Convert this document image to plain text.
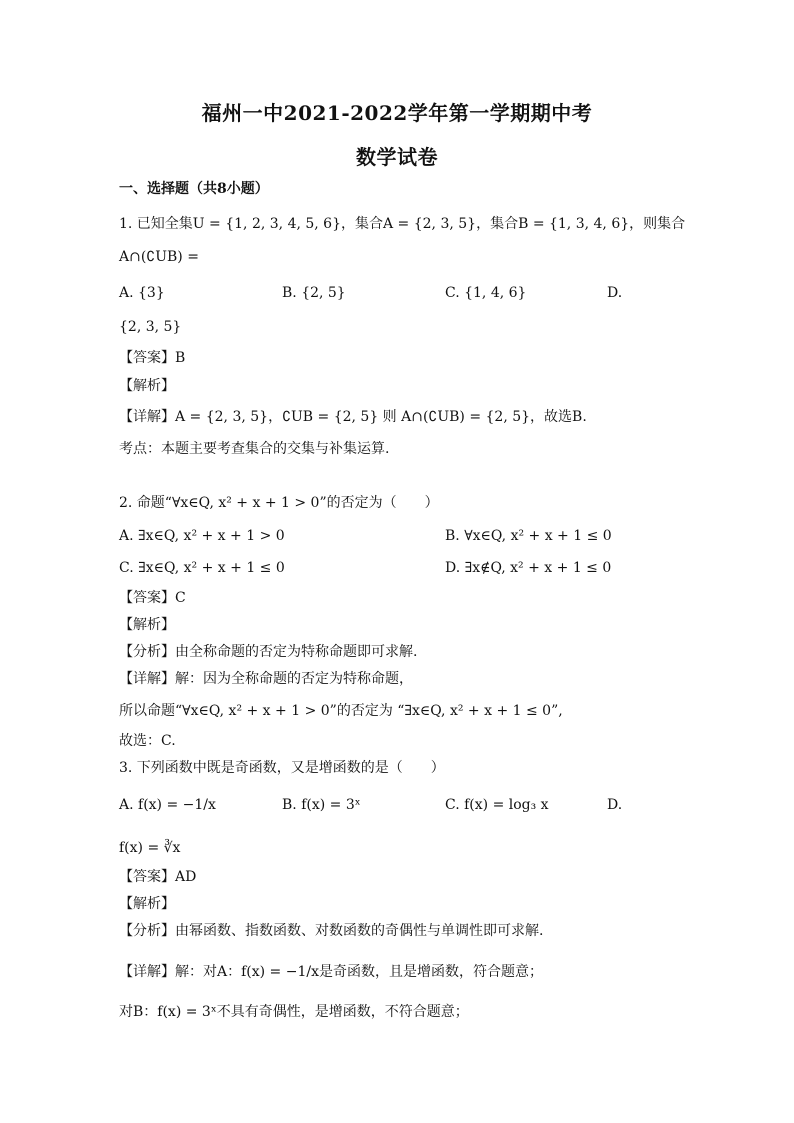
福州一中2021-2022学年第一学期期中考
数学试卷
一、选择题（共8小题）
1. 已知全集U = {1, 2, 3, 4, 5, 6}，集合A = {2, 3, 5}，集合B = {1, 3, 4, 6}，则集合
A∩(∁UB) =
A. {3}	B. {2, 5}	C. {1, 4, 6}	D.
{2, 3, 5}
【答案】B
【解析】
【详解】A = {2, 3, 5}，∁UB = {2, 5} 则 A∩(∁UB) = {2, 5}，故选B.
考点：本题主要考查集合的交集与补集运算.
2. 命题“∀x∈Q, x² + x + 1 > 0”的否定为（　　）
A. ∃x∈Q, x² + x + 1 > 0	B. ∀x∈Q, x² + x + 1 ≤ 0
C. ∃x∈Q, x² + x + 1 ≤ 0	D. ∃x∉Q, x² + x + 1 ≤ 0
【答案】C
【解析】
【分析】由全称命题的否定为特称命题即可求解.
【详解】解：因为全称命题的否定为特称命题，
所以命题“∀x∈Q, x² + x + 1 > 0”的否定为 “∃x∈Q, x² + x + 1 ≤ 0”,
故选：C.
3. 下列函数中既是奇函数，又是增函数的是（　　）
A. f(x) = −1/x	B. f(x) = 3ˣ	C. f(x) = log₃ x	D.
f(x) = ∛x
【答案】AD
【解析】
【分析】由幂函数、指数函数、对数函数的奇偶性与单调性即可求解.
【详解】解：对A：f(x) = −1/x是奇函数，且是增函数，符合题意；
对B：f(x) = 3ˣ不具有奇偶性，是增函数，不符合题意；
